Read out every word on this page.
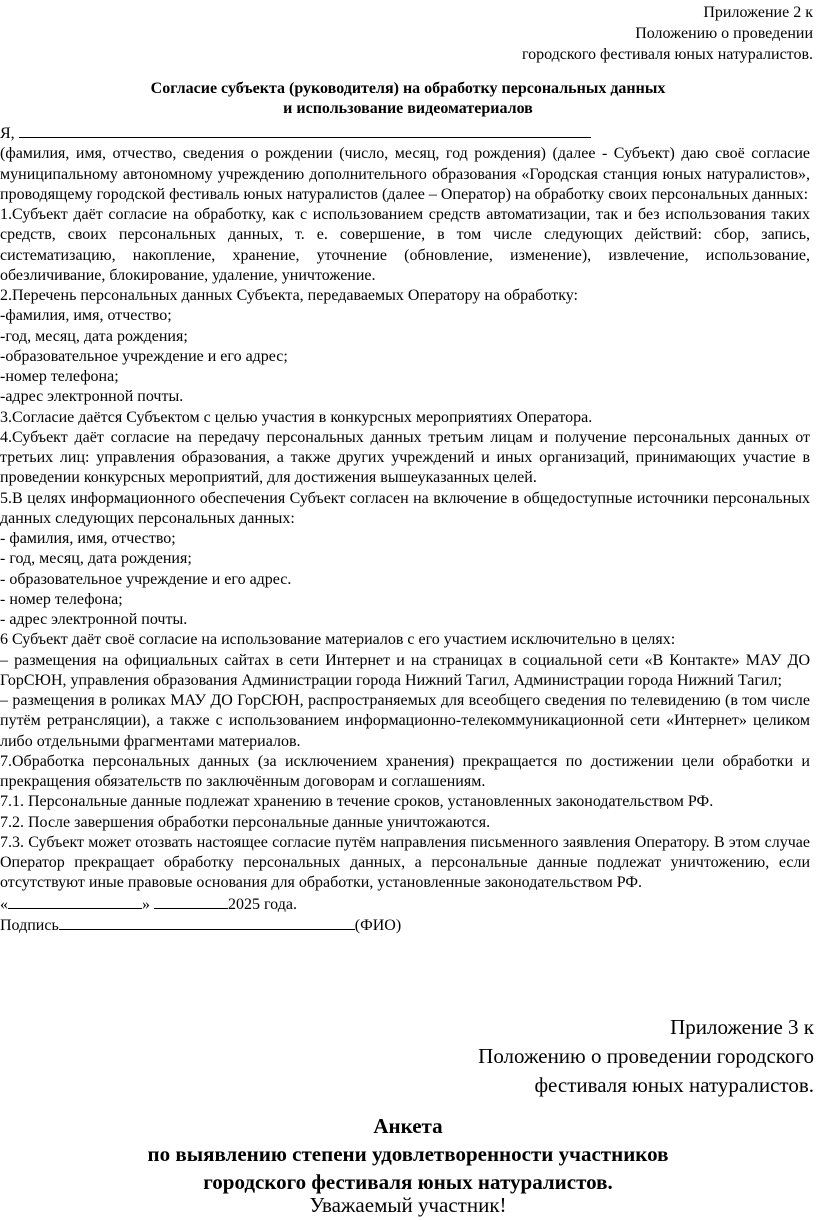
Приложение 2 к
Положению о проведении
городского фестиваля юных натуралистов.
Согласие субъекта (руководителя) на обработку персональных данных
и использование видеоматериалов

Я,

(фамилия, имя, отчество, сведения о рождении (число, месяц, год рождения) (далее - Субъект) даю своё согласие муниципальному автономному учреждению дополнительного образования «Городская станция юных натуралистов», проводящему городской фестиваль юных натуралистов (далее – Оператор) на обработку своих персональных данных:

1.Субъект даёт согласие на обработку, как с использованием средств автоматизации, так и без использования таких средств, своих персональных данных, т. е. совершение, в том числе следующих действий: сбор, запись, систематизацию, накопление, хранение, уточнение (обновление, изменение), извлечение, использование, обезличивание, блокирование, удаление, уничтожение.

2.Перечень персональных данных Субъекта, передаваемых Оператору на обработку:

-фамилия, имя, отчество;

-год, месяц, дата рождения;

-образовательное учреждение и его адрес;

-номер телефона;

-адрес электронной почты.

3.Согласие даётся Субъектом с целью участия в конкурсных мероприятиях Оператора.

4.Субъект даёт согласие на передачу персональных данных третьим лицам и получение персональных данных от третьих лиц: управления образования, а также других учреждений и иных организаций, принимающих участие в проведении конкурсных мероприятий, для достижения вышеуказанных целей.

5.В целях информационного обеспечения Субъект согласен на включение в общедоступные источники персональных данных следующих персональных данных:

- фамилия, имя, отчество;

- год, месяц, дата рождения;

- образовательное учреждение и его адрес.

- номер телефона;

- адрес электронной почты.

6 Субъект даёт своё согласие на использование материалов с его участием исключительно в целях:

– размещения на официальных сайтах в сети Интернет и на страницах в социальной сети «В Контакте» МАУ ДО ГорСЮН, управления образования Администрации города Нижний Тагил, Администрации города Нижний Тагил;

– размещения в роликах МАУ ДО ГорСЮН, распространяемых для всеобщего сведения по телевидению (в том числе путём ретрансляции), а также с использованием информационно-телекоммуникационной сети «Интернет» целиком либо отдельными фрагментами материалов.

7.Обработка персональных данных (за исключением хранения) прекращается по достижении цели обработки и прекращения обязательств по заключённым договорам и соглашениям.

7.1. Персональные данные подлежат хранению в течение сроков, установленных законодательством РФ.

7.2. После завершения обработки персональные данные уничтожаются.

7.3. Субъект может отозвать настоящее согласие путём направления письменного заявления Оператору. В этом случае Оператор прекращает обработку персональных данных, а персональные данные подлежат уничтожению, если отсутствуют иные правовые основания для обработки, установленные законодательством РФ.

«	»	2025 года.

Подпись	(ФИО)

Приложение 3 к
Положению о проведении городского
фестиваля юных натуралистов.
Анкета
по выявлению степени удовлетворенности участников
городского фестиваля юных натуралистов.
Уважаемый участник!
